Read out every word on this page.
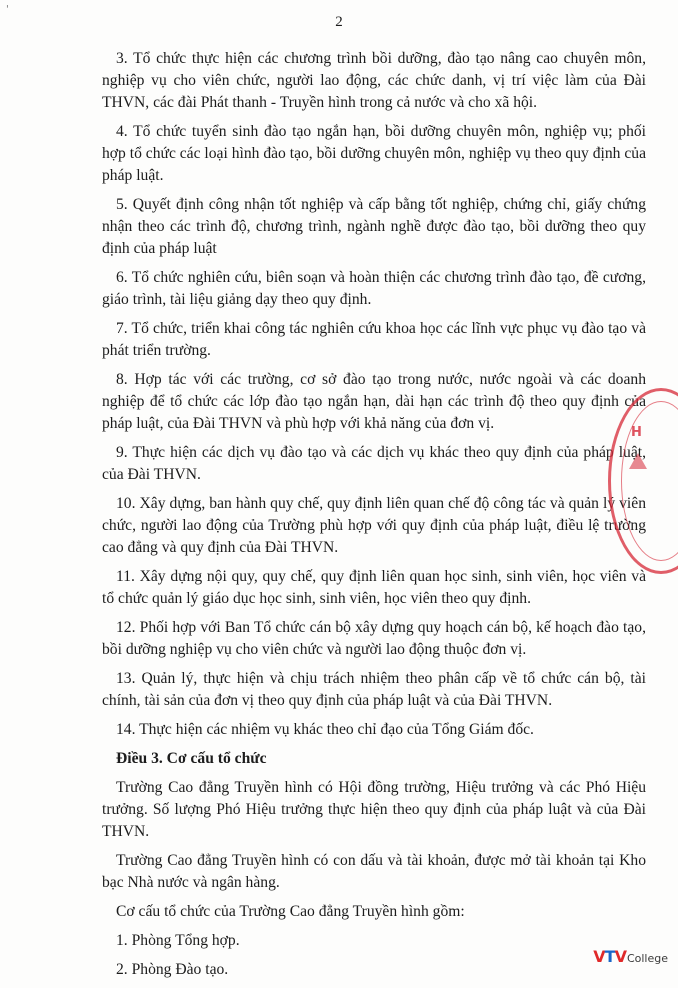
'
2

3. Tổ chức thực hiện các chương trình bồi dưỡng, đào tạo nâng cao chuyên môn, nghiệp vụ cho viên chức, người lao động, các chức danh, vị trí việc làm của Đài THVN, các đài Phát thanh - Truyền hình trong cả nước và cho xã hội.

4. Tổ chức tuyển sinh đào tạo ngắn hạn, bồi dưỡng chuyên môn, nghiệp vụ; phối hợp tổ chức các loại hình đào tạo, bồi dưỡng chuyên môn, nghiệp vụ theo quy định của pháp luật.

5. Quyết định công nhận tốt nghiệp và cấp bằng tốt nghiệp, chứng chỉ, giấy chứng nhận theo các trình độ, chương trình, ngành nghề được đào tạo, bồi dưỡng theo quy định của pháp luật

6. Tổ chức nghiên cứu, biên soạn và hoàn thiện các chương trình đào tạo, đề cương, giáo trình, tài liệu giảng dạy theo quy định.

7. Tổ chức, triển khai công tác nghiên cứu khoa học các lĩnh vực phục vụ đào tạo và phát triển trường.

8. Hợp tác với các trường, cơ sở đào tạo trong nước, nước ngoài và các doanh nghiệp để tổ chức các lớp đào tạo ngắn hạn, dài hạn các trình độ theo quy định của pháp luật, của Đài THVN và phù hợp với khả năng của đơn vị.

9. Thực hiện các dịch vụ đào tạo và các dịch vụ khác theo quy định của pháp luật, của Đài THVN.

10. Xây dựng, ban hành quy chế, quy định liên quan chế độ công tác và quản lý viên chức, người lao động của Trường phù hợp với quy định của pháp luật, điều lệ trường cao đẳng và quy định của Đài THVN.

11. Xây dựng nội quy, quy chế, quy định liên quan học sinh, sinh viên, học viên và tổ chức quản lý giáo dục học sinh, sinh viên, học viên theo quy định.

12. Phối hợp với Ban Tổ chức cán bộ xây dựng quy hoạch cán bộ, kế hoạch đào tạo, bồi dưỡng nghiệp vụ cho viên chức và người lao động thuộc đơn vị.

13. Quản lý, thực hiện và chịu trách nhiệm theo phân cấp về tổ chức cán bộ, tài chính, tài sản của đơn vị theo quy định của pháp luật và của Đài THVN.

14. Thực hiện các nhiệm vụ khác theo chỉ đạo của Tổng Giám đốc.

Điều 3. Cơ cấu tổ chức

Trường Cao đẳng Truyền hình có Hội đồng trường, Hiệu trưởng và các Phó Hiệu trưởng. Số lượng Phó Hiệu trưởng thực hiện theo quy định của pháp luật và của Đài THVN.

Trường Cao đẳng Truyền hình có con dấu và tài khoản, được mở tài khoản tại Kho bạc Nhà nước và ngân hàng.

Cơ cấu tổ chức của Trường Cao đẳng Truyền hình gồm:

1. Phòng Tổng hợp.

2. Phòng Đào tạo.

H
VTV College
